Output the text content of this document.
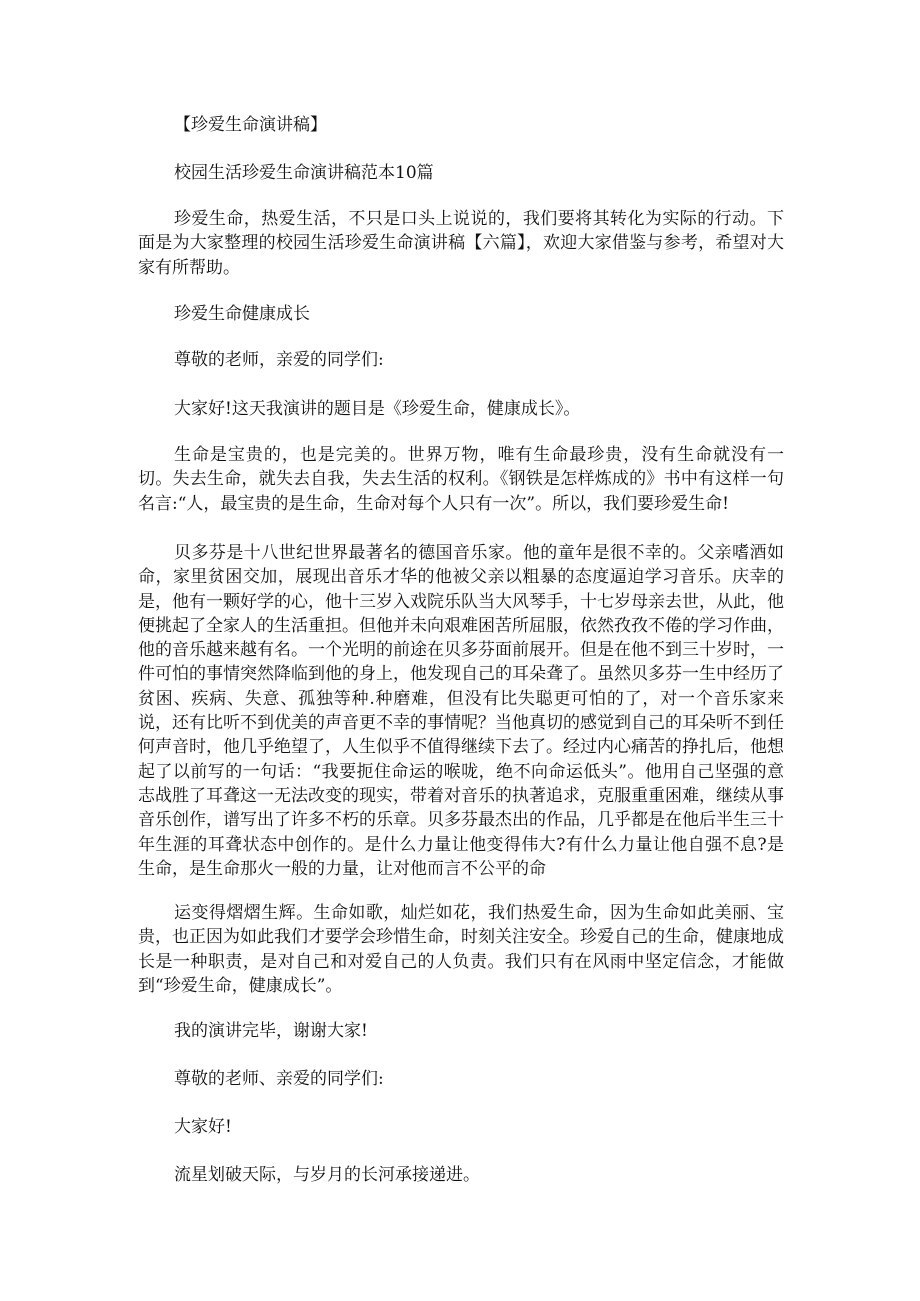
【珍爱生命演讲稿】

校园生活珍爱生命演讲稿范本10篇

珍爱生命，热爱生活，不只是口头上说说的，我们要将其转化为实际的行动。下面是为大家整理的校园生活珍爱生命演讲稿【六篇】，欢迎大家借鉴与参考，希望对大家有所帮助。

珍爱生命健康成长

尊敬的老师，亲爱的同学们:

大家好!这天我演讲的题目是《珍爱生命，健康成长》。

生命是宝贵的，也是完美的。世界万物，唯有生命最珍贵，没有生命就没有一切。失去生命，就失去自我，失去生活的权利。《钢铁是怎样炼成的》书中有这样一句名言:“人，最宝贵的是生命，生命对每个人只有一次”。所以，我们要珍爱生命!

贝多芬是十八世纪世界最著名的德国音乐家。他的童年是很不幸的。父亲嗜酒如命，家里贫困交加，展现出音乐才华的他被父亲以粗暴的态度逼迫学习音乐。庆幸的是，他有一颗好学的心，他十三岁入戏院乐队当大风琴手，十七岁母亲去世，从此，他便挑起了全家人的生活重担。但他并未向艰难困苦所屈服，依然孜孜不倦的学习作曲，他的音乐越来越有名。一个光明的前途在贝多芬面前展开。但是在他不到三十岁时，一件可怕的事情突然降临到他的身上，他发现自己的耳朵聋了。虽然贝多芬一生中经历了贫困、疾病、失意、孤独等种.种磨难，但没有比失聪更可怕的了，对一个音乐家来说，还有比听不到优美的声音更不幸的事情呢？当他真切的感觉到自己的耳朵听不到任何声音时，他几乎绝望了，人生似乎不值得继续下去了。经过内心痛苦的挣扎后，他想起了以前写的一句话：“我要扼住命运的喉咙，绝不向命运低头”。他用自己坚强的意志战胜了耳聋这一无法改变的现实，带着对音乐的执著追求，克服重重困难，继续从事音乐创作，谱写出了许多不朽的乐章。贝多芬最杰出的作品，几乎都是在他后半生三十年生涯的耳聋状态中创作的。是什么力量让他变得伟大?有什么力量让他自强不息?是生命，是生命那火一般的力量，让对他而言不公平的命

运变得熠熠生辉。生命如歌，灿烂如花，我们热爱生命，因为生命如此美丽、宝贵，也正因为如此我们才要学会珍惜生命，时刻关注安全。珍爱自己的生命，健康地成长是一种职责，是对自己和对爱自己的人负责。我们只有在风雨中坚定信念，才能做到“珍爱生命，健康成长”。

我的演讲完毕，谢谢大家!

尊敬的老师、亲爱的同学们:

大家好!

流星划破天际，与岁月的长河承接递进。
